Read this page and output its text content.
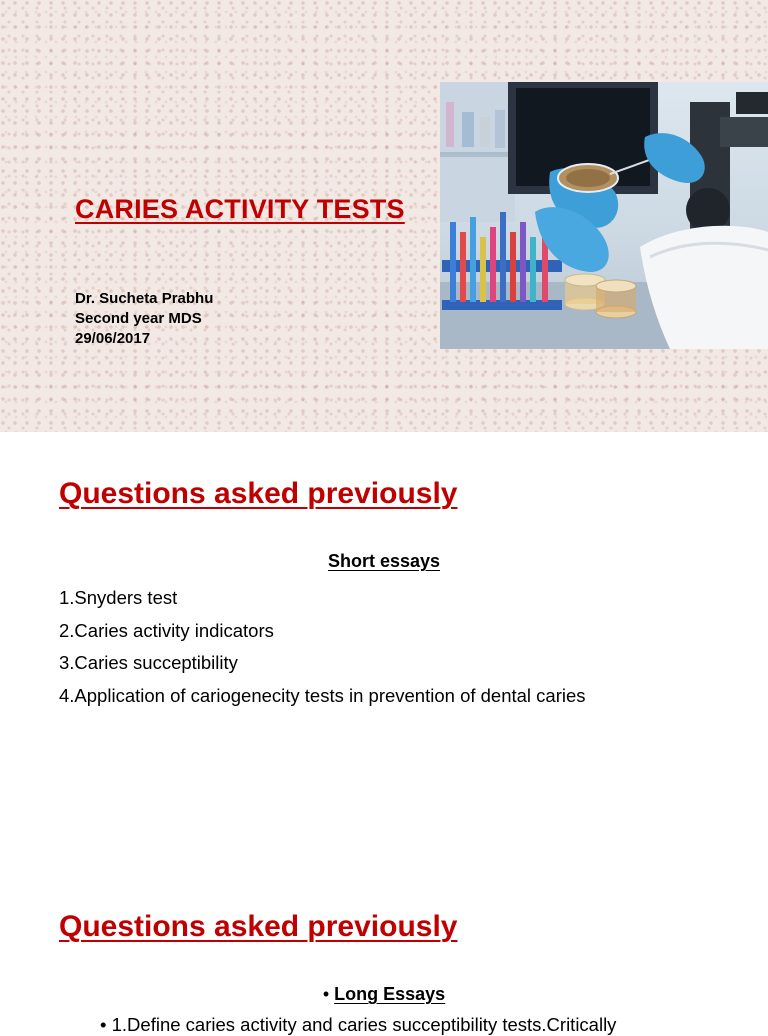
CARIES ACTIVITY TESTS
Dr. Sucheta Prabhu
Second year MDS
29/06/2017
Questions asked previously
Short essays
1.Snyders test
2.Caries activity indicators
3.Caries succeptibility
4.Application of cariogenecity tests in prevention of dental caries
Questions asked previously
• Long Essays
• 1.Define caries activity and caries succeptibility tests.Critically
